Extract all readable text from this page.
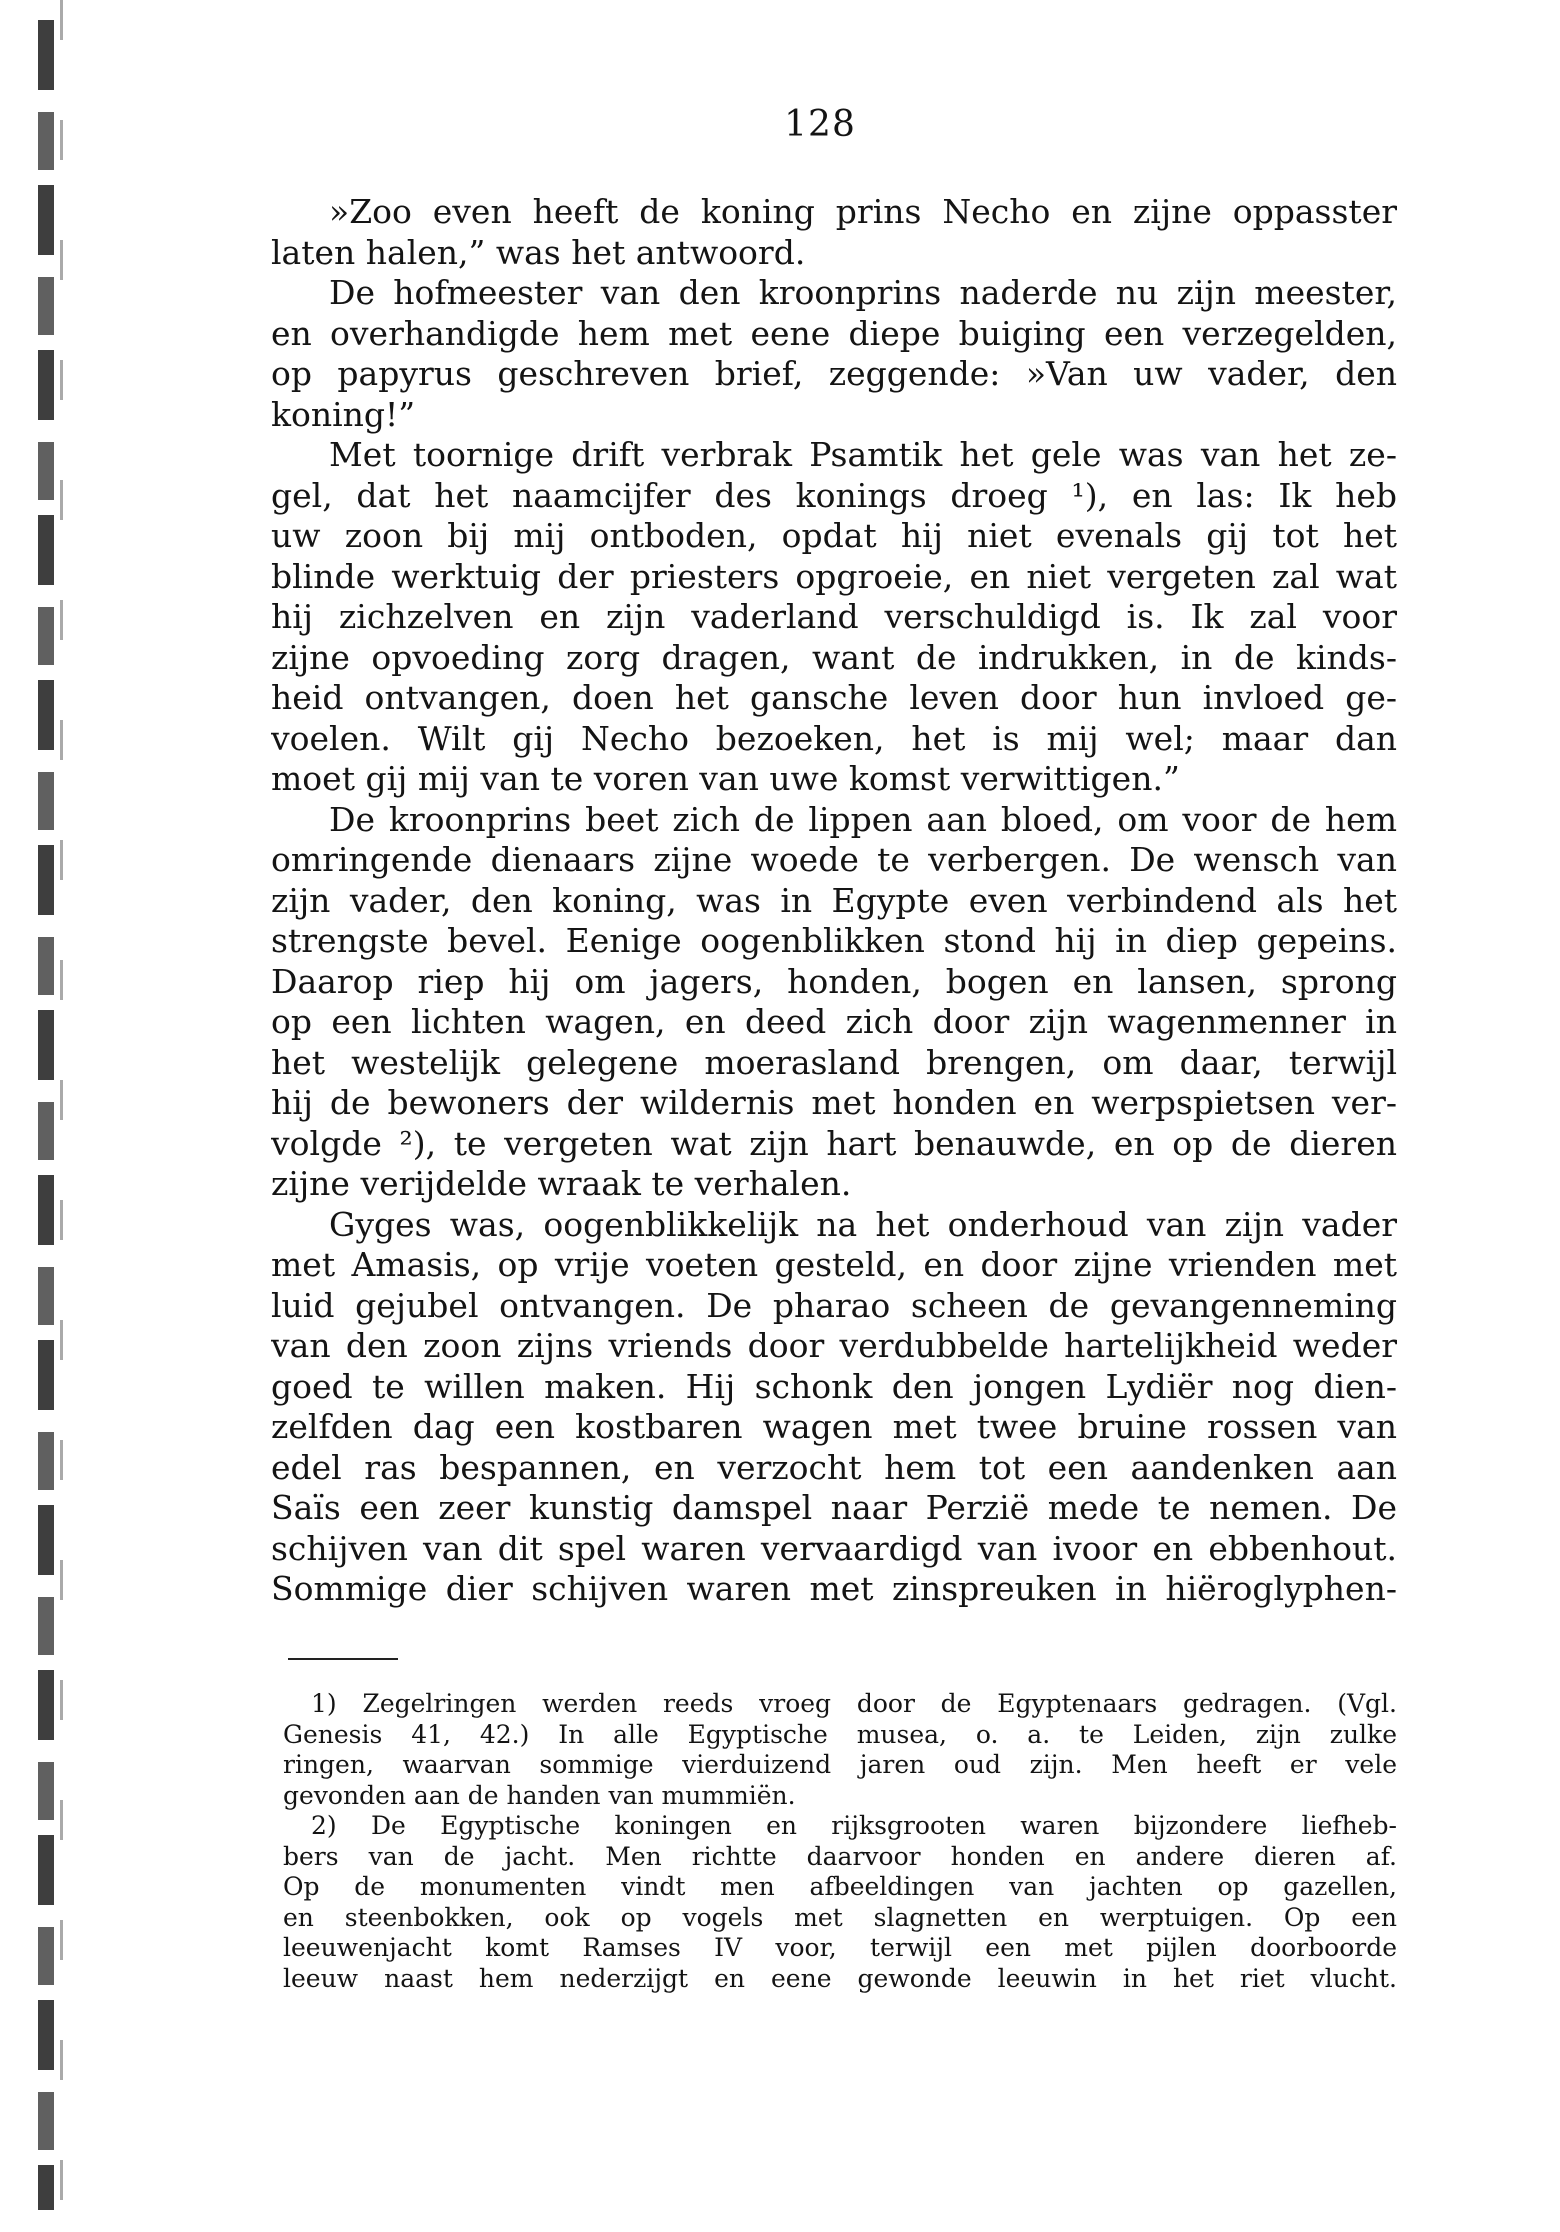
128
»Zoo even heeft de koning prins Necho en zijne oppasster
laten halen,” was het antwoord.
De hofmeester van den kroonprins naderde nu zijn meester,
en overhandigde hem met eene diepe buiging een verzegelden,
op papyrus geschreven brief, zeggende: »Van uw vader, den
koning!”
Met toornige drift verbrak Psamtik het gele was van het ze-
gel, dat het naamcijfer des konings droeg ¹), en las: Ik heb
uw zoon bij mij ontboden, opdat hij niet evenals gij tot het
blinde werktuig der priesters opgroeie, en niet vergeten zal wat
hij zichzelven en zijn vaderland verschuldigd is. Ik zal voor
zijne opvoeding zorg dragen, want de indrukken, in de kinds-
heid ontvangen, doen het gansche leven door hun invloed ge-
voelen. Wilt gij Necho bezoeken, het is mij wel; maar dan
moet gij mij van te voren van uwe komst verwittigen.”
De kroonprins beet zich de lippen aan bloed, om voor de hem
omringende dienaars zijne woede te verbergen. De wensch van
zijn vader, den koning, was in Egypte even verbindend als het
strengste bevel. Eenige oogenblikken stond hij in diep gepeins.
Daarop riep hij om jagers, honden, bogen en lansen, sprong
op een lichten wagen, en deed zich door zijn wagenmenner in
het westelijk gelegene moerasland brengen, om daar, terwijl
hij de bewoners der wildernis met honden en werpspietsen ver-
volgde ²), te vergeten wat zijn hart benauwde, en op de dieren
zijne verijdelde wraak te verhalen.
Gyges was, oogenblikkelijk na het onderhoud van zijn vader
met Amasis, op vrije voeten gesteld, en door zijne vrienden met
luid gejubel ontvangen. De pharao scheen de gevangenneming
van den zoon zijns vriends door verdubbelde hartelijkheid weder
goed te willen maken. Hij schonk den jongen Lydiër nog dien-
zelfden dag een kostbaren wagen met twee bruine rossen van
edel ras bespannen, en verzocht hem tot een aandenken aan
Saïs een zeer kunstig damspel naar Perzië mede te nemen. De
schijven van dit spel waren vervaardigd van ivoor en ebbenhout.
Sommige dier schijven waren met zinspreuken in hiëroglyphen-
1) Zegelringen werden reeds vroeg door de Egyptenaars gedragen. (Vgl.
Genesis 41, 42.) In alle Egyptische musea, o. a. te Leiden, zijn zulke
ringen, waarvan sommige vierduizend jaren oud zijn. Men heeft er vele
gevonden aan de handen van mummiën.
2) De Egyptische koningen en rijksgrooten waren bijzondere liefheb-
bers van de jacht. Men richtte daarvoor honden en andere dieren af.
Op de monumenten vindt men afbeeldingen van jachten op gazellen,
en steenbokken, ook op vogels met slagnetten en werptuigen. Op een
leeuwenjacht komt Ramses IV voor, terwijl een met pijlen doorboorde
leeuw naast hem nederzijgt en eene gewonde leeuwin in het riet vlucht.
